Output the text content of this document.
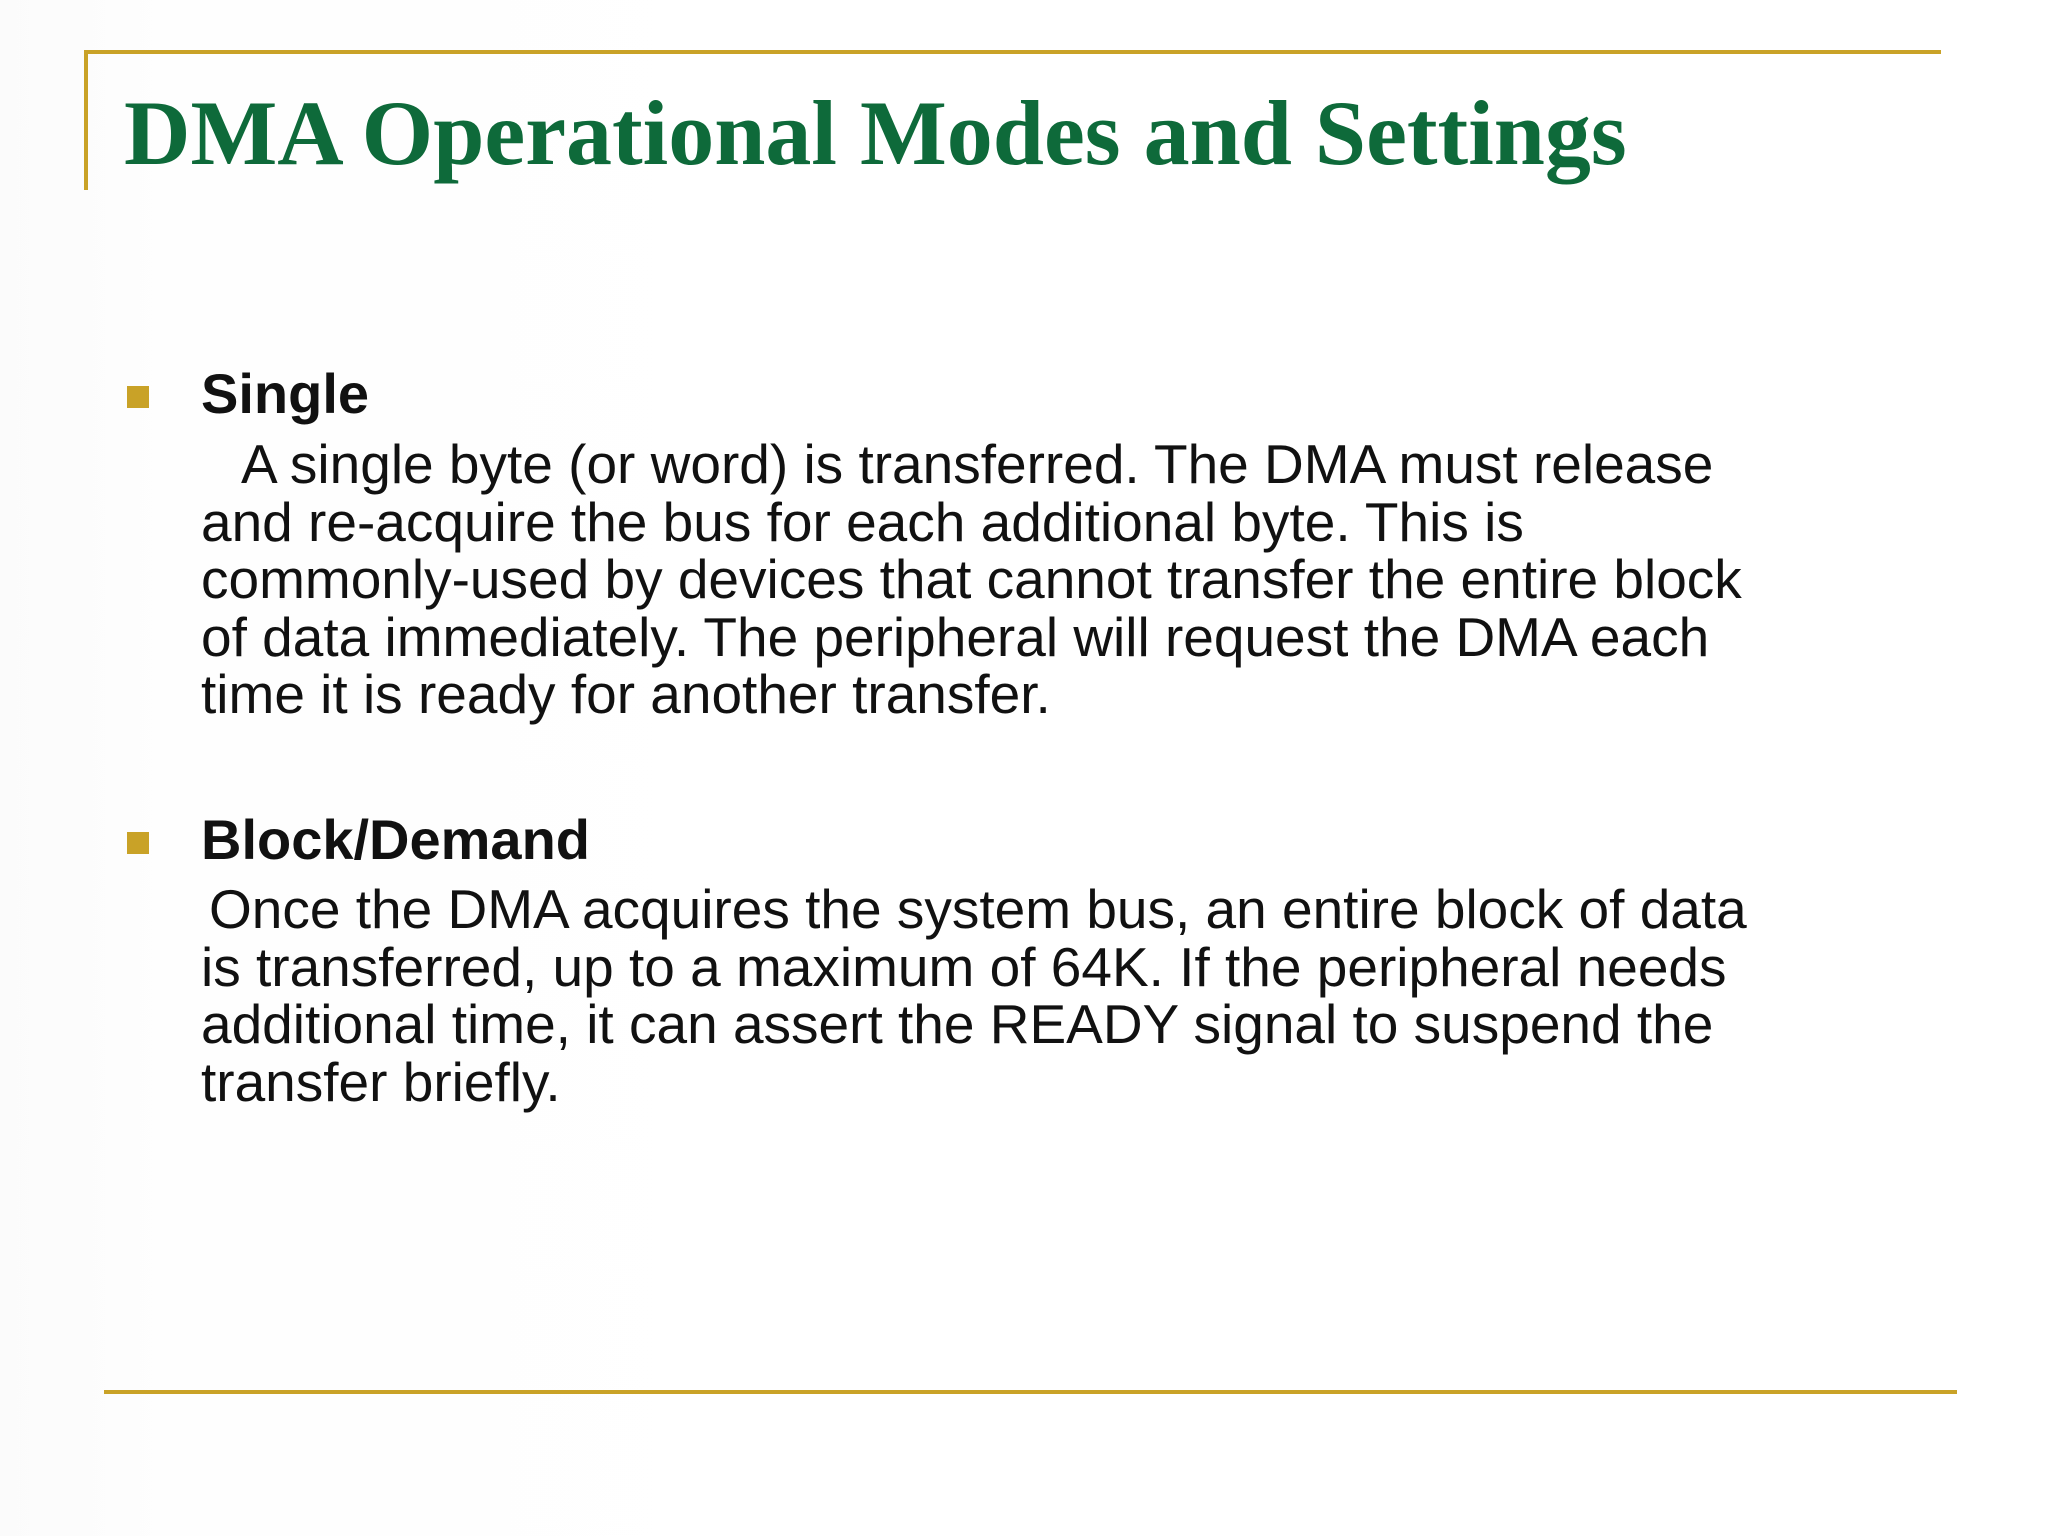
DMA Operational Modes and Settings

Single

A single byte (or word) is transferred. The DMA must release
and re-acquire the bus for each additional byte. This is
commonly-used by devices that cannot transfer the entire block
of data immediately. The peripheral will request the DMA each
time it is ready for another transfer.

Block/Demand

Once the DMA acquires the system bus, an entire block of data
is transferred, up to a maximum of 64K. If the peripheral needs
additional time, it can assert the READY signal to suspend the
transfer briefly.
